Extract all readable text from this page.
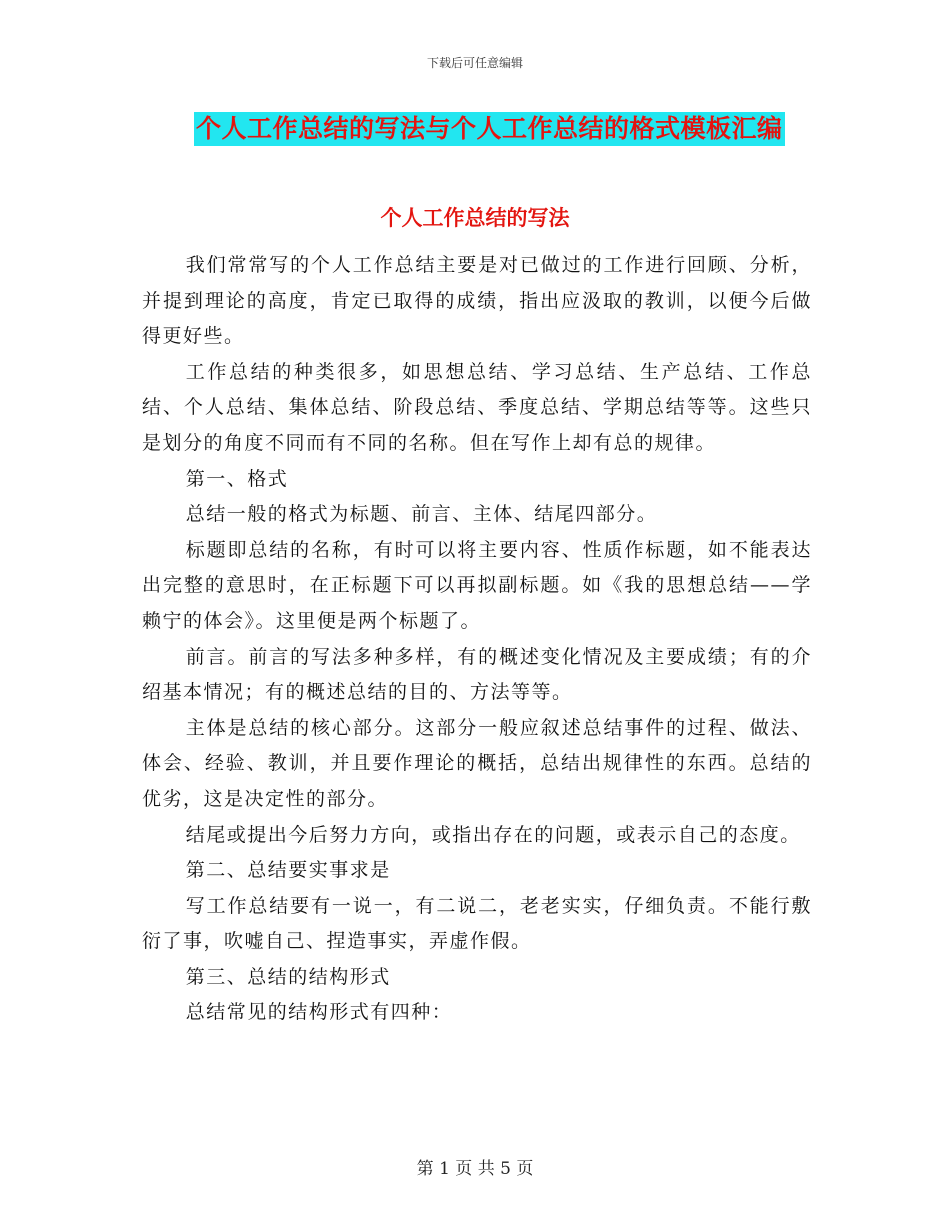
下载后可任意编辑
个人工作总结的写法与个人工作总结的格式模板汇编
个人工作总结的写法

我们常常写的个人工作总结主要是对已做过的工作进行回顾、分析，并提到理论的高度，肯定已取得的成绩，指出应汲取的教训，以便今后做得更好些。

工作总结的种类很多，如思想总结、学习总结、生产总结、工作总结、个人总结、集体总结、阶段总结、季度总结、学期总结等等。这些只是划分的角度不同而有不同的名称。但在写作上却有总的规律。

第一、格式

总结一般的格式为标题、前言、主体、结尾四部分。

标题即总结的名称，有时可以将主要内容、性质作标题，如不能表达出完整的意思时，在正标题下可以再拟副标题。如《我的思想总结——学赖宁的体会》。这里便是两个标题了。

前言。前言的写法多种多样，有的概述变化情况及主要成绩；有的介绍基本情况；有的概述总结的目的、方法等等。

主体是总结的核心部分。这部分一般应叙述总结事件的过程、做法、体会、经验、教训，并且要作理论的概括，总结出规律性的东西。总结的优劣，这是决定性的部分。

结尾或提出今后努力方向，或指出存在的问题，或表示自己的态度。

第二、总结要实事求是

写工作总结要有一说一，有二说二，老老实实，仔细负责。不能行敷衍了事，吹嘘自己、捏造事实，弄虚作假。

第三、总结的结构形式

总结常见的结构形式有四种：

第 1 页 共 5 页
